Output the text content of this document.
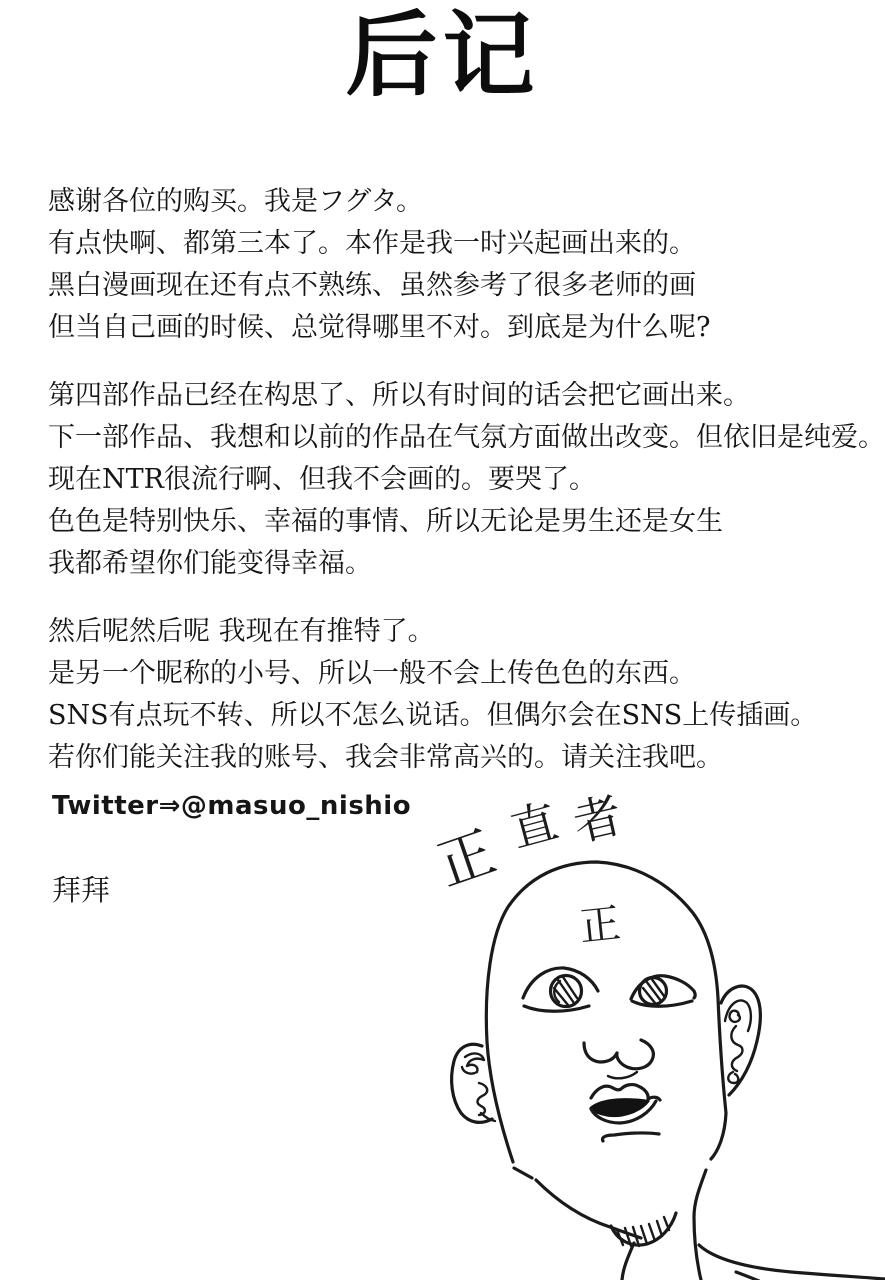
后记
感谢各位的购买。我是フグタ。
有点快啊、都第三本了。本作是我一时兴起画出来的。
黑白漫画现在还有点不熟练、虽然参考了很多老师的画
但当自己画的时候、总觉得哪里不对。到底是为什么呢?
第四部作品已经在构思了、所以有时间的话会把它画出来。
下一部作品、我想和以前的作品在气氛方面做出改变。但依旧是纯爱。
现在NTR很流行啊、但我不会画的。要哭了。
色色是特别快乐、幸福的事情、所以无论是男生还是女生
我都希望你们能变得幸福。
然后呢然后呢 我现在有推特了。
是另一个昵称的小号、所以一般不会上传色色的东西。
SNS有点玩不转、所以不怎么说话。但偶尔会在SNS上传插画。
若你们能关注我的账号、我会非常高兴的。请关注我吧。
Twitter⇒@masuo_nishio
拜拜	正 直 者
正
